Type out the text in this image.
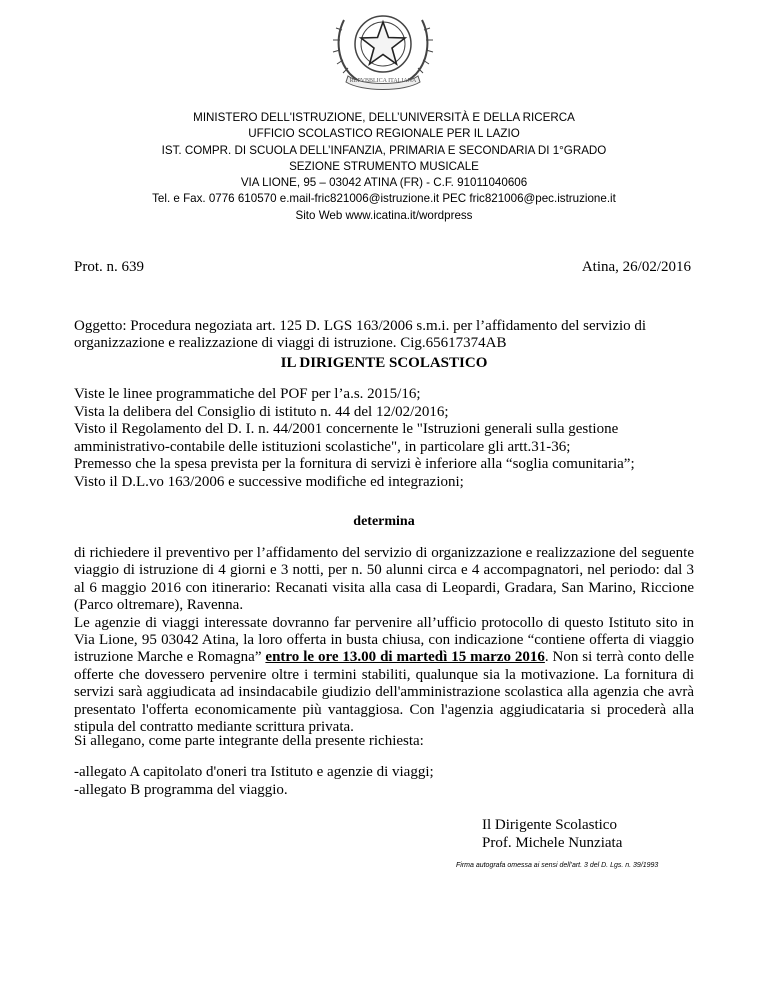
REPVBBLICA ITALIANA
MINISTERO DELL'ISTRUZIONE, DELL’UNIVERSITÀ E DELLA RICERCA
UFFICIO SCOLASTICO REGIONALE PER IL LAZIO
IST. COMPR. DI SCUOLA DELL’INFANZIA, PRIMARIA E SECONDARIA DI 1°GRADO
SEZIONE STRUMENTO MUSICALE
VIA LIONE, 95 – 03042 ATINA (FR) - C.F. 91011040606
Tel. e Fax. 0776 610570 e.mail-fric821006@istruzione.it PEC fric821006@pec.istruzione.it
Sito Web www.icatina.it/wordpress
Prot. n. 639	Atina, 26/02/2016
Oggetto: Procedura negoziata art. 125 D. LGS 163/2006 s.m.i. per l’affidamento del servizio di organizzazione e realizzazione di viaggi di istruzione. Cig.65617374AB
IL DIRIGENTE SCOLASTICO
Viste le linee programmatiche del POF per l’a.s. 2015/16;
Vista la delibera del Consiglio di istituto n. 44 del 12/02/2016;
Visto il Regolamento del D. I. n. 44/2001 concernente le "Istruzioni generali sulla gestione
amministrativo-contabile delle istituzioni scolastiche", in particolare gli artt.31-36;
Premesso che la spesa prevista per la fornitura di servizi è inferiore alla “soglia comunitaria”;
Visto il D.L.vo 163/2006 e successive modifiche ed integrazioni;
determina

di richiedere il preventivo per l’affidamento del servizio di organizzazione e realizzazione del seguente viaggio di istruzione di 4 giorni e 3 notti, per n. 50 alunni circa e 4 accompagnatori, nel periodo: dal 3 al 6 maggio 2016 con itinerario: Recanati visita alla casa di Leopardi, Gradara, San Marino, Riccione (Parco oltremare), Ravenna.

Le agenzie di viaggi interessate dovranno far pervenire all’ufficio protocollo di questo Istituto sito in Via Lione, 95 03042 Atina, la loro offerta in busta chiusa, con indicazione “contiene offerta di viaggio istruzione Marche e Romagna” entro le ore 13.00 di martedì 15 marzo 2016. Non si terrà conto delle offerte che dovessero pervenire oltre i termini stabiliti, qualunque sia la motivazione. La fornitura di servizi sarà aggiudicata ad insindacabile giudizio dell'amministrazione scolastica alla agenzia che avrà presentato l'offerta economicamente più vantaggiosa. Con l'agenzia aggiudicataria si procederà alla stipula del contratto mediante scrittura privata.

Si allegano, come parte integrante della presente richiesta:
-allegato A capitolato d'oneri tra Istituto e agenzie di viaggi;
-allegato B programma del viaggio.
Il Dirigente Scolastico
Prof. Michele Nunziata
Firma autografa omessa ai sensi dell’art. 3 del D. Lgs. n. 39/1993
